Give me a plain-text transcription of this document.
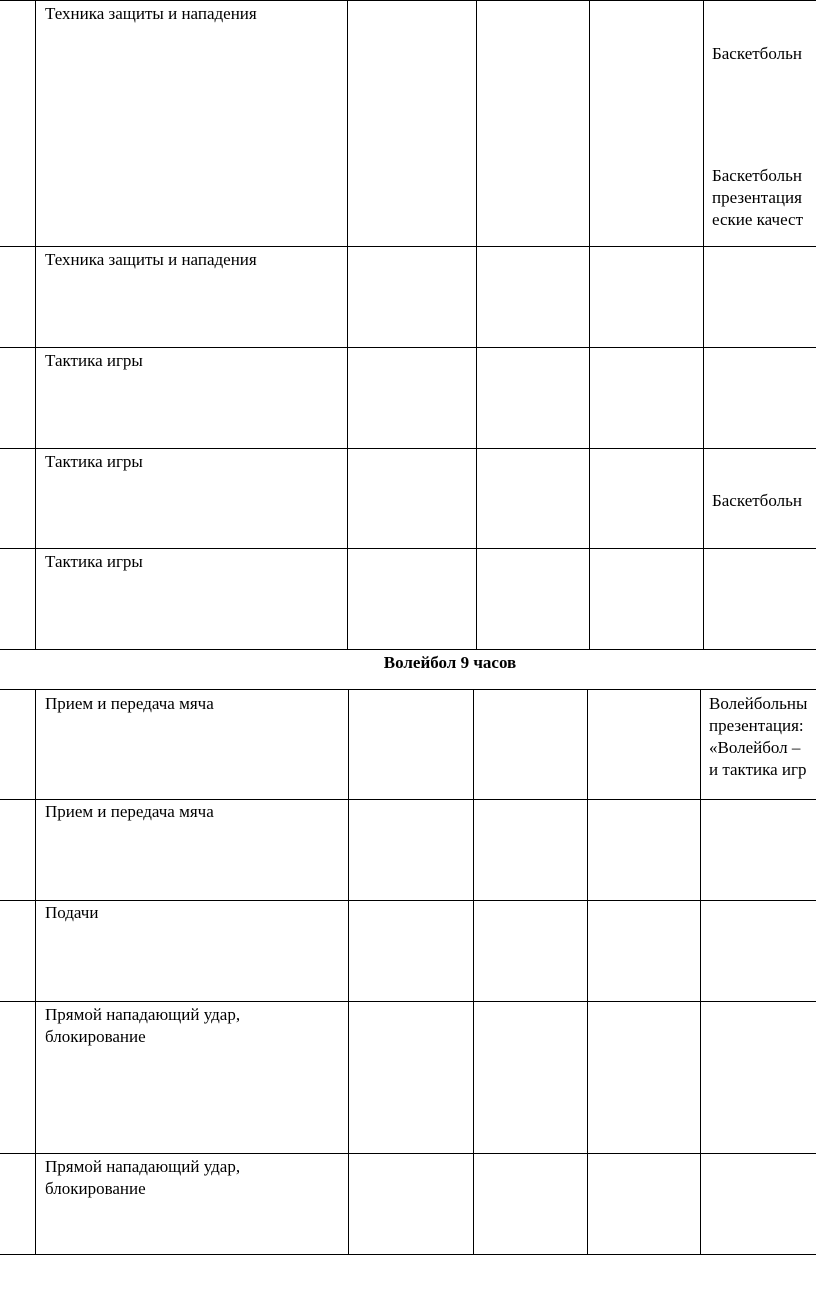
Техника защиты и нападения
Баскетбольн
Баскетбольн
презентация
еские качест
Техника защиты и нападения
Тактика игры
Тактика игры
Баскетбольн
Тактика игры
Волейбол 9 часов
Прием и передача мяча	Волейбольны
презентация:
«Волейбол –
и тактика игр
Прием и передача мяча
Подачи
Прямой нападающий удар,
блокирование
Прямой нападающий удар,
блокирование
